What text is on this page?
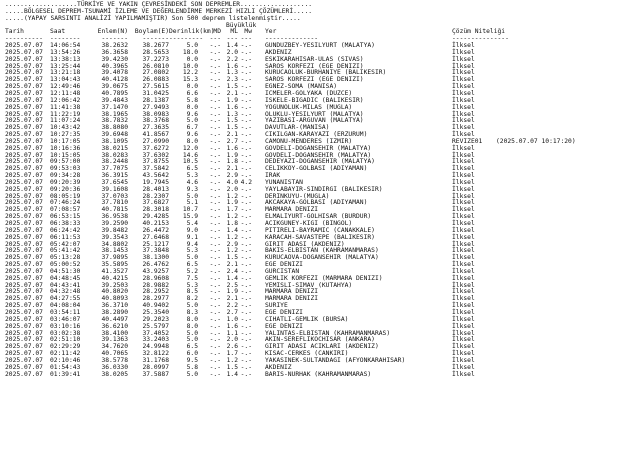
...................TÜRKİYE VE YAKIN ÇEVRESİNDEKİ SON DEPREMLER...................
.....BÖLGESEL DEPREM-TSUNAMİ İZLEME VE DEĞERLENDİRME MERKEZİ HIZLI ÇÖZÜMLERİ.....
.....(YAPAY SARSINTI ANALİZİ YAPILMAMIŞTIR) Son 500 deprem listelenmiştir.....
Büyüklük
Tarih	Saat	Enlem(N) Boylam(E)Derinlik(km)MD ML Mw Yer	Çözüm Niteliği
---------- --------	------- ---------------- --- --- --- --------------	---------------
2025.07.07 14:06:54	38.2632 38.2677	5.0 -.- 1.4 -.- GUNDUZBEY-YESILYURT (MALATYA)	İlksel
2025.07.07 13:54:26	36.3658 28.5653 18.0 -.- 2.0 -.- AKDENIZ	İlksel
2025.07.07 13:38:13	39.4230 37.2273	0.0 -.- 2.2 -.- ESKIKARAHISAR-ULAS (SIVAS)	İlksel
2025.07.07 13:25:44	40.3965 26.0810 10.0 -.- 1.6 -.- SAROS KORFEZI (EGE DENIZI)	İlksel
2025.07.07 13:21:18	39.4078 27.0802 12.2 -.- 1.3 -.- KURUCAOLUK-BURHANIYE (BALIKESIR)	İlksel
2025.07.07 13:04:43	40.4128 26.0883 15.3 -.- 2.3 -.- SAROS KORFEZI (EGE DENIZI)	İlksel
2025.07.07 12:49:46	39.0675 27.5615	0.0 -.- 1.5 -.- EGNEZ-SOMA (MANISA)	İlksel
2025.07.07 12:11:48	40.7895 31.0425	6.6 -.- 2.1 -.- ICMELER-GOLYAKA (DUZCE)	İlksel
2025.07.07 12:06:42	39.4843 28.1387	5.8 -.- 1.9 -.- ISKELE-BIGADIC (BALIKESIR)	İlksel
2025.07.07 11:41:38	37.1470 27.9493	0.0 -.- 1.6 -.- YOGUNOLUK-MILAS (MUGLA)	İlksel
2025.07.07 11:22:19	38.1965 38.0983	9.6 -.- 1.3 -.- OLUKLU-YESILYURT (MALATYA)	İlksel
2025.07.07 11:07:24	38.7832 38.3768	5.0 -.- 1.5 -.- YAZIBASI-ARGUVAN (MALATYA)	İlksel
2025.07.07 10:43:42	38.8080 27.3635	6.7 -.- 1.5 -.- DAVUTLAR-(MANISA)	İlksel
2025.07.07 10:27:35	39.6948 41.8567	9.6 -.- 2.1 -.- CIKILGAN-KARAYAZI (ERZURUM)	İlksel
2025.07.07 10:17:05	38.1095 27.0990	8.0 -.- 2.7 -.- CAMONU-MENDERES (IZMIR)	REVIZE01 (2025.07.07 10:17:20)
2025.07.07 10:16:36	38.0215 37.6272 12.0 -.- 1.6 -.- GOVDELI-DOGANSEHIR (MALATYA)	İlksel
2025.07.07 10:15:05	38.0283 37.6302 14.6 -.- 1.9 -.- GOVDELI-DOGANSEHIR (MALATYA)	İlksel
2025.07.07 09:57:00	38.2448 37.8755 10.5 -.- 1.8 -.- DEDEYAZI-DOGANSEHIR (MALATYA)	İlksel
2025.07.07 09:53:03	37.7075 37.5842	6.5 -.- 2.1 -.- CELIKKOY-GOLBASI (ADIYAMAN)	İlksel
2025.07.07 09:34:28	36.3915 43.5642	5.3 -.- 2.9 -.- IRAK	İlksel
2025.07.07 09:20:39	37.6545 19.7945	4.6 -.- 4.0 4.2 YUNANISTAN	İlksel
2025.07.07 09:20:36	39.1608 28.4013	9.3 -.- 2.0 -.- YAYLABAYIR-SINDIRGI (BALIKESIR)	İlksel
2025.07.07 08:05:19	37.0703 28.2307	5.0 -.- 1.2 -.- DERINKUYU-(MUGLA)	İlksel
2025.07.07 07:46:24	37.7810 37.6827	5.1 -.- 1.9 -.- AKCAKAYA-GOLBASI (ADIYAMAN)	İlksel
2025.07.07 07:08:57	40.7815 28.3018 10.7 -.- 1.7 -.- MARMARA DENIZI	İlksel
2025.07.07 06:53:15	36.9538 29.4285 15.9 -.- 1.2 -.- ELMALIYURT-GOLHISAR (BURDUR)	İlksel
2025.07.07 06:38:33	39.2590 40.2153	5.4 -.- 1.8 -.- ACIKGUNEY-KIGI (BINGOL)	İlksel
2025.07.07 06:24:42	39.8482 26.4472	9.0 -.- 1.4 -.- PITIRELI-BAYRAMIC (CANAKKALE)	İlksel
2025.07.07 06:11:53	39.3543 27.6468	9.1 -.- 1.2 -.- KARACAH-SAVASTEPE (BALIKESIR)	İlksel
2025.07.07 05:42:07	34.8802 25.1217	9.4 -.- 2.9 -.- GIRIT ADASI (AKDENIZ)	İlksel
2025.07.07 05:41:42	38.1453 37.3848	5.3 -.- 1.2 -.- BAKIS-ELBISTAN (KAHRAMANMARAS)	İlksel
2025.07.07 05:13:28	37.9895 38.1300	5.0 -.- 1.5 -.- KURUCAOVA-DOGANSEHIR (MALATYA)	İlksel
2025.07.07 05:00:52	35.5895 26.4762	6.5 -.- 2.1 -.- EGE DENIZI	İlksel
2025.07.07 04:51:30	41.3527 43.9257	5.2 -.- 2.4 -.- GURCISTAN	İlksel
2025.07.07 04:48:45	40.4215 28.9608	7.5 -.- 1.4 -.- GEMLIK KORFEZI (MARMARA DENIZI)	İlksel
2025.07.07 04:43:41	39.2503 28.9882	5.3 -.- 2.5 -.- YEMISLI-SIMAV (KUTAHYA)	İlksel
2025.07.07 04:32:48	40.8020 28.2952	8.5 -.- 1.9 -.- MARMARA DENIZI	İlksel
2025.07.07 04:27:55	40.8093 28.2977	8.2 -.- 2.1 -.- MARMARA DENIZI	İlksel
2025.07.07 04:08:04	36.3710 40.9402	5.0 -.- 2.2 -.- SURIYE	İlksel
2025.07.07 03:54:11	38.2890 25.3540	8.3 -.- 2.7 -.- EGE DENIZI	İlksel
2025.07.07 03:46:07	40.4497 29.2023	8.0 -.- 1.0 -.- CIHATLI-GEMLIK (BURSA)	İlksel
2025.07.07 03:10:16	36.6210 25.5797	8.0 -.- 1.6 -.- EGE DENIZI	İlksel
2025.07.07 03:02:38	38.4100 37.4052	5.0 -.- 1.1 -.- YALINTAS-ELBISTAN (KAHRAMANMARAS)	İlksel
2025.07.07 02:51:10	39.1363 33.2403	5.0 -.- 2.0 -.- AKIN-SEREFLIKOCHISAR (ANKARA)	İlksel
2025.07.07 02:29:29	34.7620 24.9948	6.5 -.- 2.6 -.- GIRIT ADASI ACIKLARI (AKDENIZ)	İlksel
2025.07.07 02:11:42	40.7065 32.8122	6.0 -.- 1.7 -.- KISAC-CERKES (CANKIRI)	İlksel
2025.07.07 02:10:46	38.5778 31.1768	9.5 -.- 1.2 -.- YAKASINEK-SULTANDAGI (AFYONKARAHISAR)	İlksel
2025.07.07 01:54:43	36.0330 28.0997	5.8 -.- 1.5 -.- AKDENIZ	İlksel
2025.07.07 01:39:41	38.0205 37.5887	5.0 -.- 1.4 -.- BARIS-NURHAK (KAHRAMANMARAS)	İlksel
